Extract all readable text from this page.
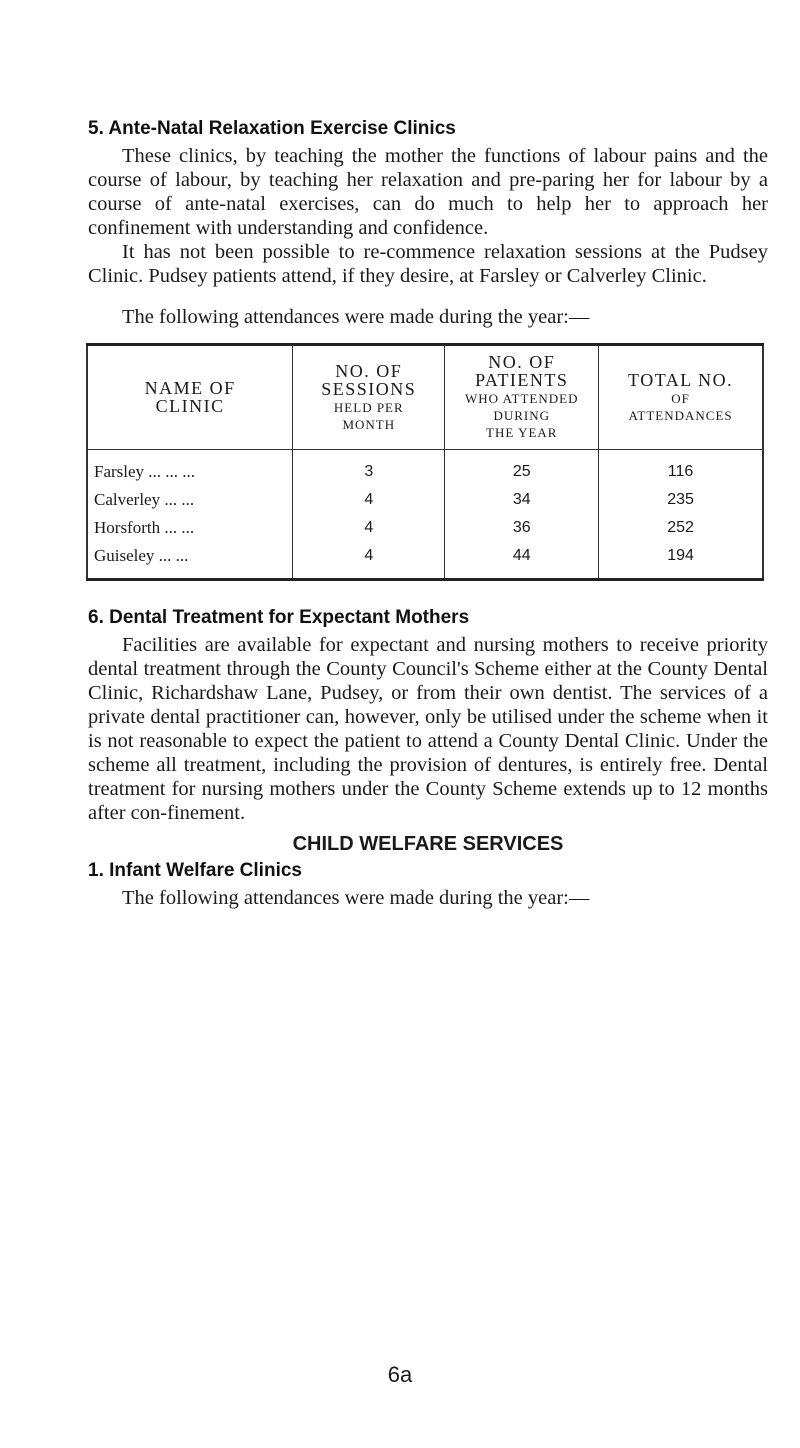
5. Ante-Natal Relaxation Exercise Clinics

These clinics, by teaching the mother the functions of labour pains and the course of labour, by teaching her relaxation and pre-paring her for labour by a course of ante-natal exercises, can do much to help her to approach her confinement with understanding and confidence.

It has not been possible to re-commence relaxation sessions at the Pudsey Clinic. Pudsey patients attend, if they desire, at Farsley or Calverley Clinic.

The following attendances were made during the year:—

NAME OF
CLINIC	NO. OF
SESSIONS
HELD PER
MONTH	NO. OF
PATIENTS
WHO ATTENDED
DURING
THE YEAR	TOTAL NO.
OF
ATTENDANCES
Farsley ... ... ...	3	25	116
Calverley ... ...	4	34	235
Horsforth ... ...	4	36	252
Guiseley ... ...	4	44	194
6. Dental Treatment for Expectant Mothers

Facilities are available for expectant and nursing mothers to receive priority dental treatment through the County Council's Scheme either at the County Dental Clinic, Richardshaw Lane, Pudsey, or from their own dentist. The services of a private dental practitioner can, however, only be utilised under the scheme when it is not reasonable to expect the patient to attend a County Dental Clinic. Under the scheme all treatment, including the provision of dentures, is entirely free. Dental treatment for nursing mothers under the County Scheme extends up to 12 months after con-finement.

CHILD WELFARE SERVICES
1. Infant Welfare Clinics

The following attendances were made during the year:—

6a
